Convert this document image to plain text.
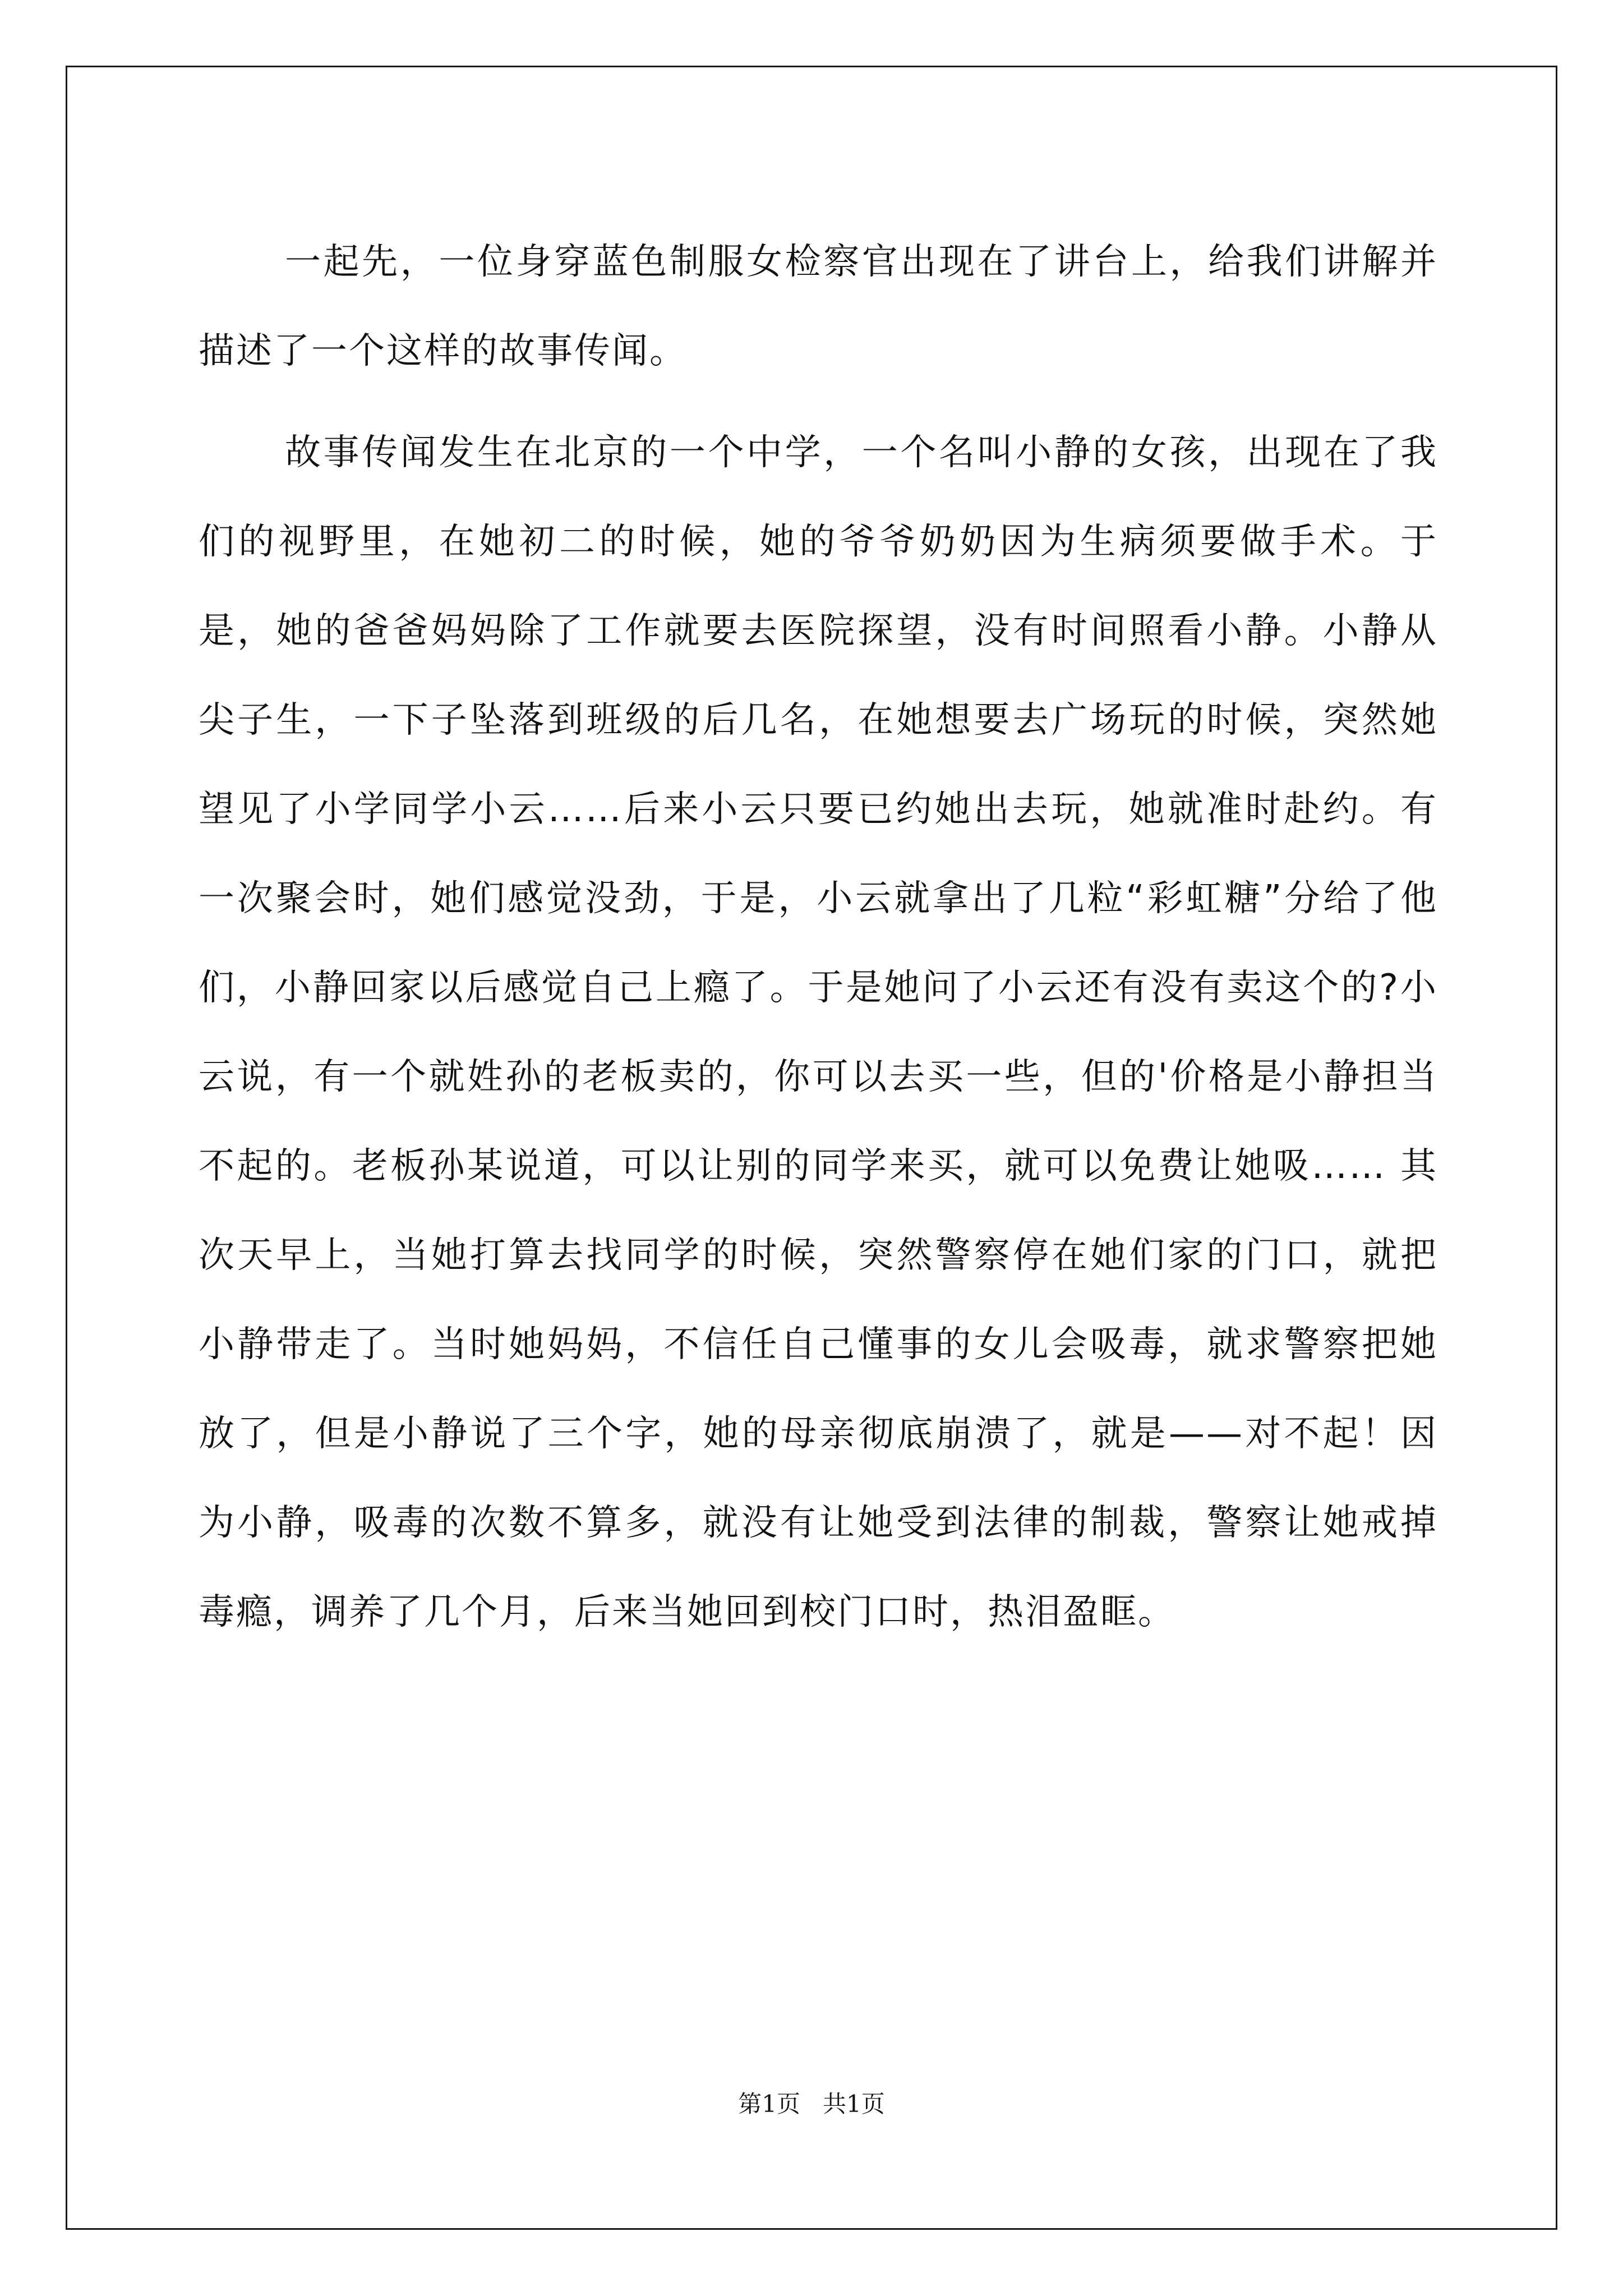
一起先，一位身穿蓝色制服女检察官出现在了讲台上，给我们讲解并描述了一个这样的故事传闻。

故事传闻发生在北京的一个中学，一个名叫小静的女孩，出现在了我们的视野里，在她初二的时候，她的爷爷奶奶因为生病须要做手术。于是，她的爸爸妈妈除了工作就要去医院探望，没有时间照看小静。小静从尖子生，一下子坠落到班级的后几名，在她想要去广场玩的时候，突然她望见了小学同学小云……后来小云只要已约她出去玩，她就准时赴约。有一次聚会时，她们感觉没劲，于是，小云就拿出了几粒“彩虹糖”分给了他们，小静回家以后感觉自己上瘾了。于是她问了小云还有没有卖这个的?小云说，有一个就姓孙的老板卖的，你可以去买一些，但的'价格是小静担当不起的。老板孙某说道，可以让别的同学来买，就可以免费让她吸…… 其次天早上，当她打算去找同学的时候，突然警察停在她们家的门口，就把小静带走了。当时她妈妈，不信任自己懂事的女儿会吸毒，就求警察把她放了，但是小静说了三个字，她的母亲彻底崩溃了，就是——对不起！因为小静，吸毒的次数不算多，就没有让她受到法律的制裁，警察让她戒掉毒瘾，调养了几个月，后来当她回到校门口时，热泪盈眶。

第1页   共1页
